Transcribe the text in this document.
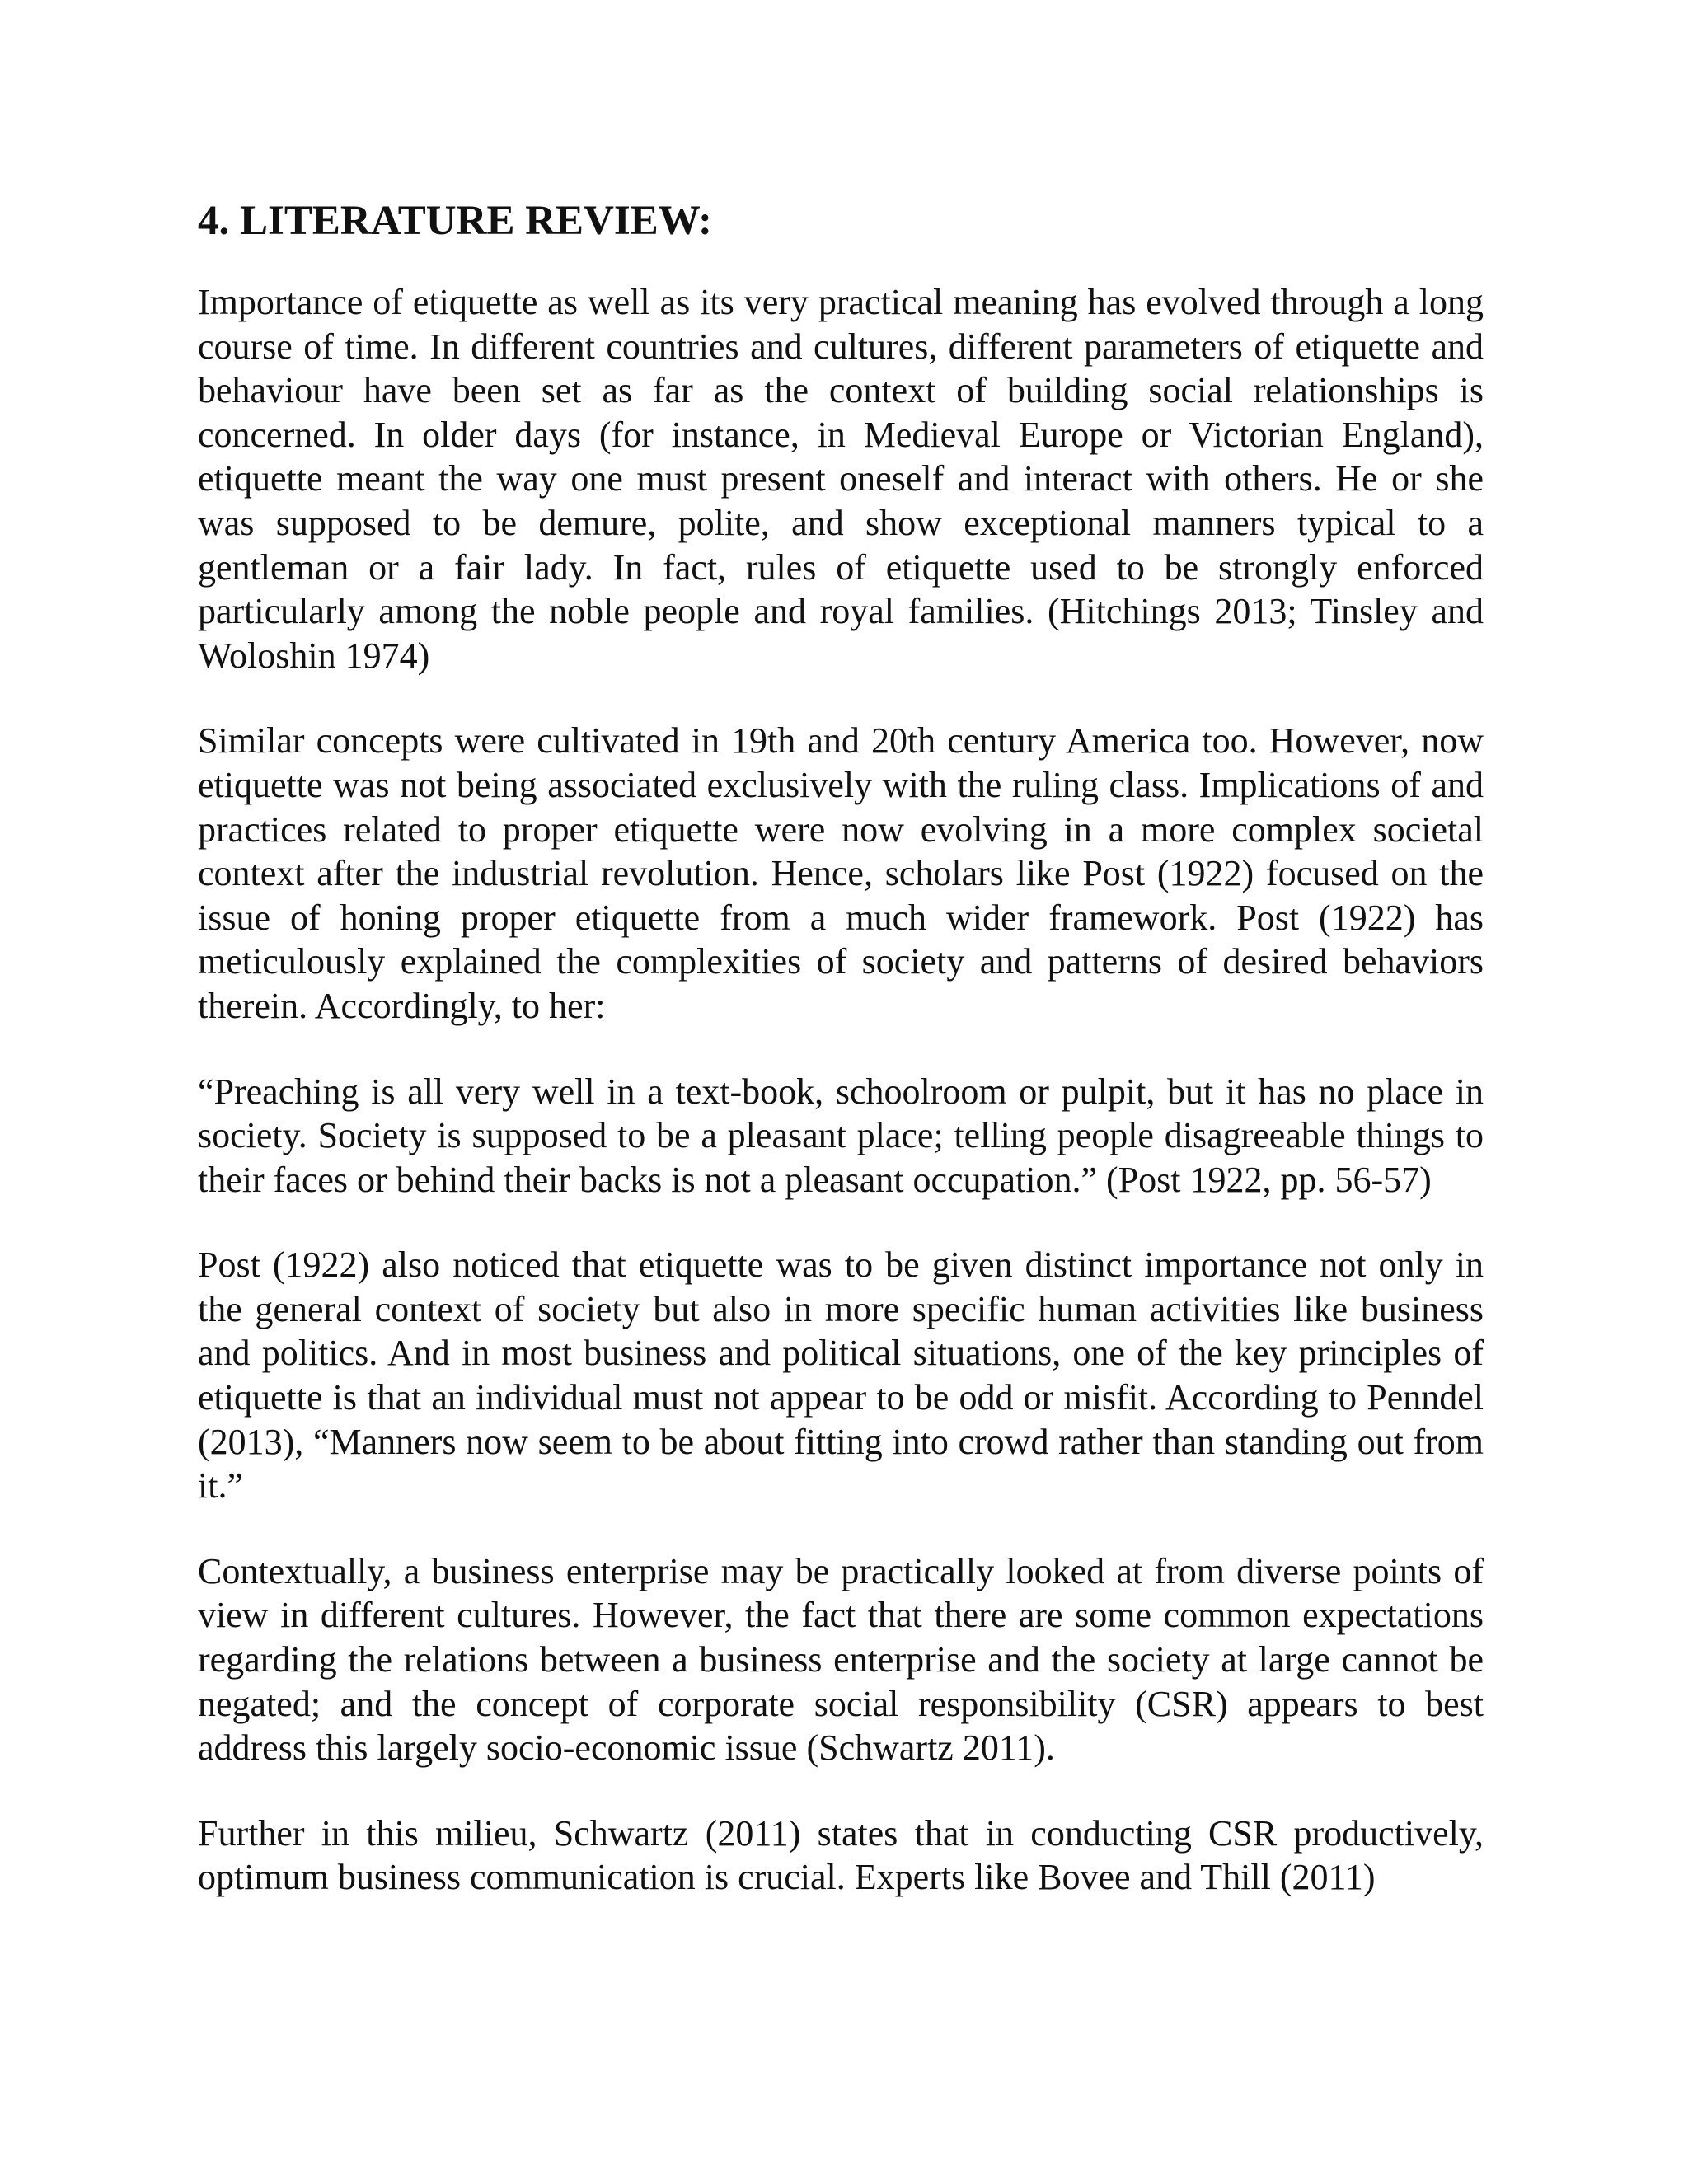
4. LITERATURE REVIEW:

Importance of etiquette as well as its very practical meaning has evolved through a long course of time. In different countries and cultures, different parameters of etiquette and behaviour have been set as far as the context of building social relationships is concerned. In older days (for instance, in Medieval Europe or Victorian England), etiquette meant the way one must present oneself and interact with others. He or she was supposed to be demure, polite, and show exceptional manners typical to a gentleman or a fair lady. In fact, rules of etiquette used to be strongly enforced particularly among the noble people and royal families. (Hitchings 2013; Tinsley and Woloshin 1974)

Similar concepts were cultivated in 19th and 20th century America too. However, now etiquette was not being associated exclusively with the ruling class. Implications of and practices related to proper etiquette were now evolving in a more complex societal context after the industrial revolution. Hence, scholars like Post (1922) focused on the issue of honing proper etiquette from a much wider framework. Post (1922) has meticulously explained the complexities of society and patterns of desired behaviors therein. Accordingly, to her:

“Preaching is all very well in a text-book, schoolroom or pulpit, but it has no place in society. Society is supposed to be a pleasant place; telling people disagreeable things to their faces or behind their backs is not a pleasant occupation.” (Post 1922, pp. 56-57)

Post (1922) also noticed that etiquette was to be given distinct importance not only in the general context of society but also in more specific human activities like business and politics. And in most business and political situations, one of the key principles of etiquette is that an individual must not appear to be odd or misfit. According to Penndel (2013), “Manners now seem to be about fitting into crowd rather than standing out from it.”

Contextually, a business enterprise may be practically looked at from diverse points of view in different cultures. However, the fact that there are some common expectations regarding the relations between a business enterprise and the society at large cannot be negated; and the concept of corporate social responsibility (CSR) appears to best address this largely socio-economic issue (Schwartz 2011).

Further in this milieu, Schwartz (2011) states that in conducting CSR productively, optimum business communication is crucial. Experts like Bovee and Thill (2011)
